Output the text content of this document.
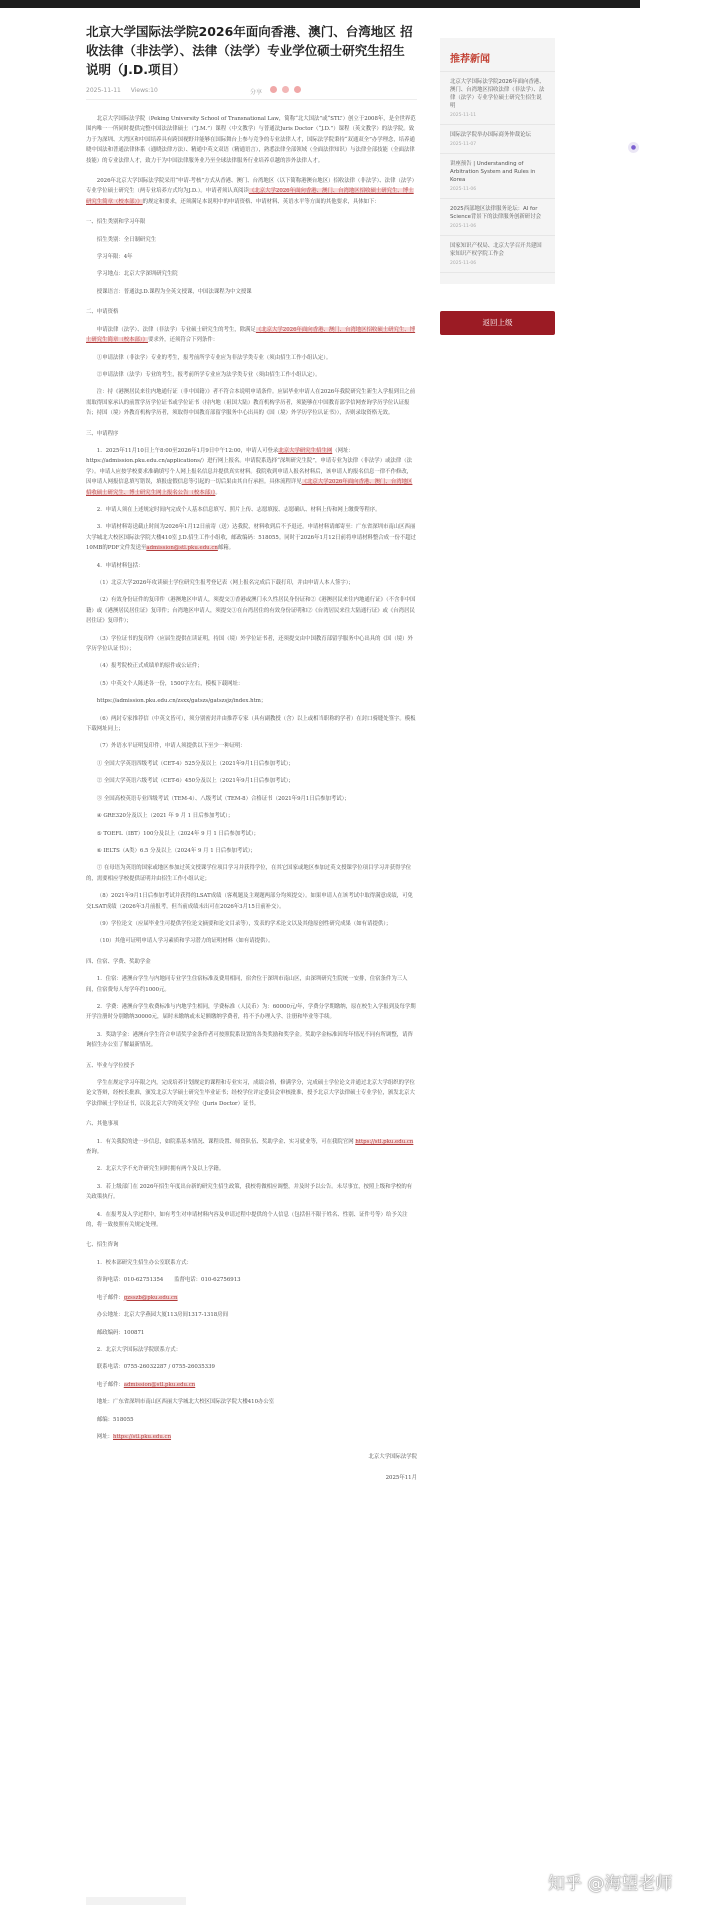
北京大学国际法学院2026年面向香港、澳门、台湾地区 招收法律（非法学）、法律（法学）专业学位硕士研究生招生说明（J.D.项目）
2025-11-11 Views:10	分享

北京大学国际法学院（Peking University School of Transnational Law，简称“北大国法”或“STL”）创立于2008年，是全世界范围内唯一一所同时提供完整中国法法律硕士（“J.M.”）课程（中文教学）与普通法Juris Doctor（“J.D.”）课程（英文教学）的法学院。致力于为深圳、大湾区和中国培养具有跨国视野并能够在国际舞台上参与竞争的专业法律人才，国际法学院秉持“双通双全”办学理念，培养通晓中国法和普通法律体系（通晓法律方法）、精通中英文双语（精通语言），熟悉法律全部领域（全面法律知识）与法律全部技能（全面法律技能）的专业法律人才，致力于为中国法律服务业乃至全球法律服务行业培养卓越的涉外法律人才。

2026年北京大学国际法学院采用“申请-考核”方式从香港、澳门、台湾地区（以下简称港澳台地区）招收法律（非法学）、法律（法学）专业学位硕士研究生（两专业培养方式均为J.D.）。申请者须认真阅读《北京大学2026年面向香港、澳门、台湾地区招收硕士研究生、博士研究生简章（校本部）》的规定和要求，还须满足本说明中的申请资格、申请材料、英语水平等方面的其他要求，具体如下：

一、招生类别和学习年限

招生类别：全日制研究生

学习年限：4年

学习地点：北京大学深圳研究生院

授课语言：普通法J.D.课程为全英文授课，中国法课程为中文授课

二、申请资格

申请法律（法学）、法律（非法学）专业硕士研究生的考生，除满足《北京大学2026年面向香港、澳门、台湾地区招收硕士研究生、博士研究生简章（校本部）》要求外，还须符合下列条件：

①申请法律（非法学）专业的考生，报考前所学专业应为非法学类专业（须由招生工作小组认定）。

②申请法律（法学）专业的考生，报考前所学专业应为法学类专业（须由招生工作小组认定）。

注：持《港澳居民来往内地通行证（非中国籍）》者不符合本说明申请条件。应届毕业申请人在2026年我院研究生新生入学报到日之前需取得国家承认的前置学历学位证书或学位证书（持内地（祖国大陆）教育机构学历者，须能够在中国教育部学信网查询学历学位认证报告；持国（境）外教育机构学历者，须取得中国教育部留学服务中心出具的《国（境）外学历学位认证书》），否则录取资格无效。

三、申请程序

1．2025年11月10日上午8:00至2026年1月9日中午12:00，申请人可登录北京大学研究生招生网（网址：https://admission.pku.edu.cn/applications/）进行网上报名。申请院系选择“深圳研究生院”，申请专业为法律（非法学）或法律（法学）。申请人应按学校要求准确填写个人网上报名信息并提供真实材料。我院收到申请人报名材料后，该申请人的报名信息一律不作修改，因申请人网报信息填写错误，填报虚假信息等引起的一切后果由其自行承担。具体流程详见《北京大学2026年面向香港、澳门、台湾地区招收硕士研究生、博士研究生网上报名公告（校本部）》。

2．申请人须在上述规定时间内完成个人基本信息填写、照片上传、志愿填报、志愿确认、材料上传和网上缴费等程序。

3．申请材料寄送截止时间为2026年1月12日前寄（送）达我院，材料收到后不予退还。申请材料请邮寄至：广东省深圳市南山区西丽大学城北大校区国际法学院大楼410室 J.D.招生工作小组收，邮政编码：518055。同时于2026年1月12日前将申请材料整合成一份不超过10MB的PDF文件发送至admission@stl.pku.edu.cn邮箱。

4．申请材料包括：

（1）北京大学2026年攻读硕士学位研究生报考登记表（网上报名完成后下载打印，并由申请人本人签字）；

（2）有效身份证件的复印件（港澳地区申请人，须提交①香港或澳门永久性居民身份证和②《港澳居民来往内地通行证》（不含非中国籍）或《港澳居民居住证》复印件；台湾地区申请人，须提交①在台湾居住的有效身份证明和②《台湾居民来往大陆通行证》或《台湾居民居住证》复印件）；

（3）学位证书的复印件（应届生提供在读证明，持国（境）外学位证书者，还须提交由中国教育部留学服务中心出具的《国（境）外学历学位认证书》）；

（4）报考院校正式成绩单的原件或公证件；

（5）中英文个人陈述各一份，1500字左右，模板下载网址：

https://admission.pku.edu.cn/zsxx/gatszs/gatszsjz/index.htm；

（6）两封专家推荐信（中英文皆可），须分别密封并由推荐专家（具有副教授（含）以上或相当职称的学者）在封口骑缝处签字。模板下载网址同上；

（7）外语水平证明复印件，申请人须提供以下至少一种证明：

① 全国大学英语四级考试（CET-4）525分及以上（2021年9月1日后参加考试）；

② 全国大学英语六级考试（CET-6）450分及以上（2021年9月1日后参加考试）；

③ 全国高校英语专业四级考试（TEM-4）、八级考试（TEM-8）合格证书（2021年9月1日后参加考试）；

④ GRE320分及以上（2021 年 9 月 1 日后参加考试）；

⑤ TOEFL（IBT）100分及以上（2024年 9 月 1 日后参加考试）；

⑥ IELTS（A类）6.5 分及以上（2024年 9 月 1 日后参加考试）；

⑦ 在母语为英语的国家或地区参加过英文授课学位项目学习并获得学位，在其它国家或地区参加过英文授课学位项目学习并获得学位的，需要相应学校提供证明并由招生工作小组认定；

（8）2021年9月1日后参加考试并获得的LSAT成绩（客观题及主观题两部分均须提交）。如果申请人在该考试中取得满意成绩，可免交LSAT成绩（2026年3月前报考，但当前成绩未出可在2026年3月15日前补交）。

（9）学位论文（应届毕业生可提供学位论文摘要和论文目录等），发表的学术论文以及其他原创性研究成果（如有请提供）；

（10）其他可证明申请人学习素质和学习潜力的证明材料（如有请提供）。

四、住宿、学费、奖助学金

1．住宿：港澳台学生与内地同专业学生住宿标准及费用相同，宿舍位于深圳市南山区，由深圳研究生院统一安排，住宿条件为三人间，住宿费每人每学年约1000元。

2．学费：港澳台学生收费标准与内地学生相同，学费标准（人民币）为：60000元/年，学费分学期缴纳，原在校生入学报到及每学期开学注册时分别缴纳30000元，届时未缴纳或未足额缴纳学费者，将不予办理入学、注册和毕业等手续。

3．奖助学金：港澳台学生符合申请奖学金条件者可按照院系设置的各类奖励和奖学金。奖助学金标准因每年情况不同有所调整，请咨询招生办公室了解最新情况。

五、毕业与学位授予

学生在规定学习年限之内，完成培养计划规定的课程和专业实习，成绩合格，修满学分，完成硕士学位论文并通过北京大学组织的学位论文答辩，经校长批准，颁发北京大学硕士研究生毕业证书；经校学位评定委员会审核批准，授予北京大学法律硕士专业学位，颁发北京大学法律硕士学位证书，以及北京大学的英文学位（Juris Doctor）证书。

六、其他事项

1．有关我院的进一步信息，如院系基本情况、课程设置、师资队伍、奖助学金、实习就业等，可在我院官网 https://stl.pku.edu.cn 查询。

2．北京大学不允许研究生同时拥有两个及以上学籍。

3．若上级部门在 2026年招生年度出台新的研究生招生政策，我校将做相应调整，并及时予以公告。未尽事宜，按照上级和学校的有关政策执行。

4．在报考及入学过程中，如有考生对申请材料内容及申请过程中提供的个人信息（包括但不限于姓名、性别、证件号等）给予关注的，将一致按照有关规定处理。

七、招生咨询

1．校本部研究生招生办公室联系方式：

咨询电话：010-62751354　　监督电话：010-62756913

电子邮件：gzsszb@pku.edu.cn

办公地址：北京大学燕园大厦113房间1317-1318房间

邮政编码：100871

2．北京大学国际法学院联系方式：

联系电话：0755-26032287 / 0755-26035339

电子邮件：admission@stl.pku.edu.cn

地址：广东省深圳市南山区西丽大学城北大校区国际法学院大楼410办公室

邮编：518055

网址：https://stl.pku.edu.cn

北京大学国际法学院

2025年11月

推荐新闻
北京大学国际法学院2026年面向香港、澳门、台湾地区招收法律（非法学）、法律（法学）专业学位硕士研究生招生说明
2025-11-11
国际法学院举办国际商务仲裁论坛
2025-11-07
讲座预告 | Understanding of Arbitration System and Rules in Korea
2025-11-06
2025西部地区法律服务论坛：AI for Science背景下的法律服务创新研讨会
2025-11-06
国家知识产权局、北京大学召开共建国家知识产权学院工作会
2025-11-06
返回上级
●
知乎 @海望老师
